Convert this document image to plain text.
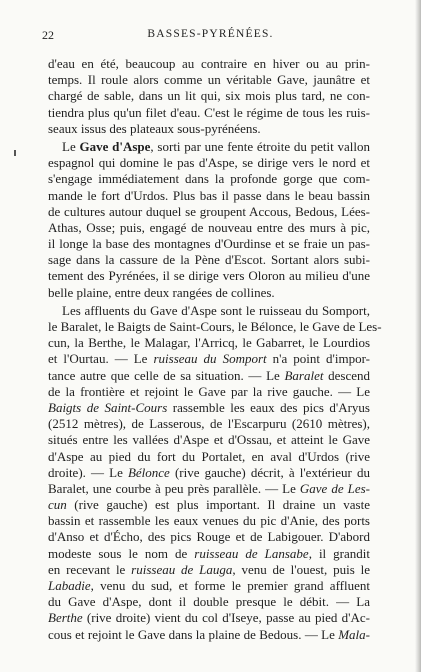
22	BASSES-PYRÉNÉES.
d'eau en été, beaucoup au contraire en hiver ou au prin-
temps. Il roule alors comme un véritable Gave, jaunâtre et
chargé de sable, dans un lit qui, six mois plus tard, ne con-
tiendra plus qu'un filet d'eau. C'est le régime de tous les ruis-
seaux issus des plateaux sous-pyrénéens.
Le Gave d'Aspe, sorti par une fente étroite du petit vallon
espagnol qui domine le pas d'Aspe, se dirige vers le nord et
s'engage immédiatement dans la profonde gorge que com-
mande le fort d'Urdos. Plus bas il passe dans le beau bassin
de cultures autour duquel se groupent Accous, Bedous, Lées-
Athas, Osse; puis, engagé de nouveau entre des murs à pic,
il longe la base des montagnes d'Ourdinse et se fraie un pas-
sage dans la cassure de la Pène d'Escot. Sortant alors subi-
tement des Pyrénées, il se dirige vers Oloron au milieu d'une
belle plaine, entre deux rangées de collines.
Les affluents du Gave d'Aspe sont le ruisseau du Somport,
le Baralet, le Baigts de Saint-Cours, le Bélonce, le Gave de Les-
cun, la Berthe, le Malagar, l'Arricq, le Gabarret, le Lourdios
et l'Ourtau. — Le ruisseau du Somport n'a point d'impor-
tance autre que celle de sa situation. — Le Baralet descend
de la frontière et rejoint le Gave par la rive gauche. — Le
Baigts de Saint-Cours rassemble les eaux des pics d'Aryus
(2512 mètres), de Lasserous, de l'Escarpuru (2610 mètres),
situés entre les vallées d'Aspe et d'Ossau, et atteint le Gave
d'Aspe au pied du fort du Portalet, en aval d'Urdos (rive
droite). — Le Bélonce (rive gauche) décrit, à l'extérieur du
Baralet, une courbe à peu près parallèle. — Le Gave de Les-
cun (rive gauche) est plus important. Il draine un vaste
bassin et rassemble les eaux venues du pic d'Anie, des ports
d'Anso et d'Écho, des pics Rouge et de Labigouer. D'abord
modeste sous le nom de ruisseau de Lansabe, il grandit
en recevant le ruisseau de Lauga, venu de l'ouest, puis le
Labadie, venu du sud, et forme le premier grand affluent
du Gave d'Aspe, dont il double presque le débit. — La
Berthe (rive droite) vient du col d'Iseye, passe au pied d'Ac-
cous et rejoint le Gave dans la plaine de Bedous. — Le Mala-
